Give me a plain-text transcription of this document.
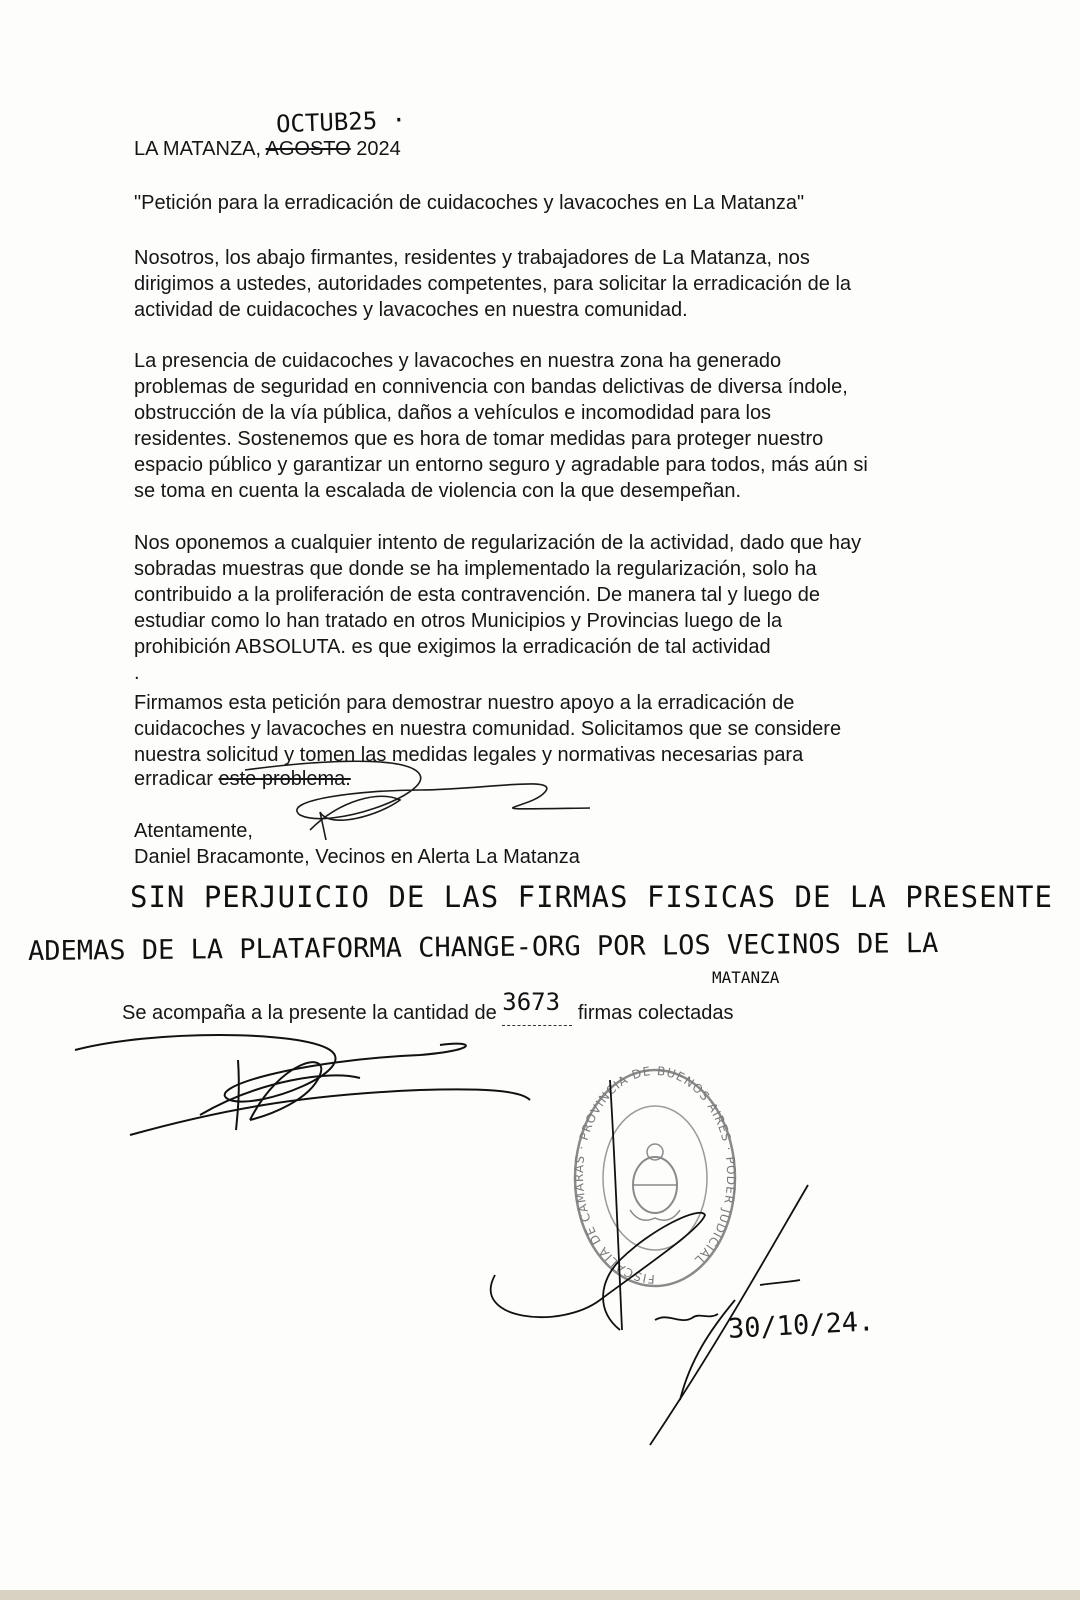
OCTUB25 ·
LA MATANZA, AGOSTO 2024
"Petición para la erradicación de cuidacoches y lavacoches en La Matanza"
Nosotros, los abajo firmantes, residentes y trabajadores de La Matanza, nos
dirigimos a ustedes, autoridades competentes, para solicitar la erradicación de la
actividad de cuidacoches y lavacoches en nuestra comunidad.
La presencia de cuidacoches y lavacoches en nuestra zona ha generado
problemas de seguridad en connivencia con bandas delictivas de diversa índole,
obstrucción de la vía pública, daños a vehículos e incomodidad para los
residentes. Sostenemos que es hora de tomar medidas para proteger nuestro
espacio público y garantizar un entorno seguro y agradable para todos, más aún si
se toma en cuenta la escalada de violencia con la que desempeñan.
Nos oponemos a cualquier intento de regularización de la actividad, dado que hay
sobradas muestras que donde se ha implementado la regularización, solo ha
contribuido a la proliferación de esta contravención. De manera tal y luego de
estudiar como lo han tratado en otros Municipios y Provincias luego de la
prohibición ABSOLUTA. es que exigimos la erradicación de tal actividad
.
Firmamos esta petición para demostrar nuestro apoyo a la erradicación de
cuidacoches y lavacoches en nuestra comunidad. Solicitamos que se considere
nuestra solicitud y tomen las medidas legales y normativas necesarias para
erradicar este problema.
Atentamente,
Daniel Bracamonte, Vecinos en Alerta La Matanza
SIN PERJUICIO DE LAS FIRMAS FISICAS DE LA PRESENTE
ADEMAS DE LA PLATAFORMA CHANGE-ORG POR LOS VECINOS DE LA
MATANZA
Se acompaña a la presente la cantidad de 3673 firmas colectadas
FISCALIA DE CAMARAS · PROVINCIA DE BUENOS AIRES · PODER JUDICIAL
30/10/24.
